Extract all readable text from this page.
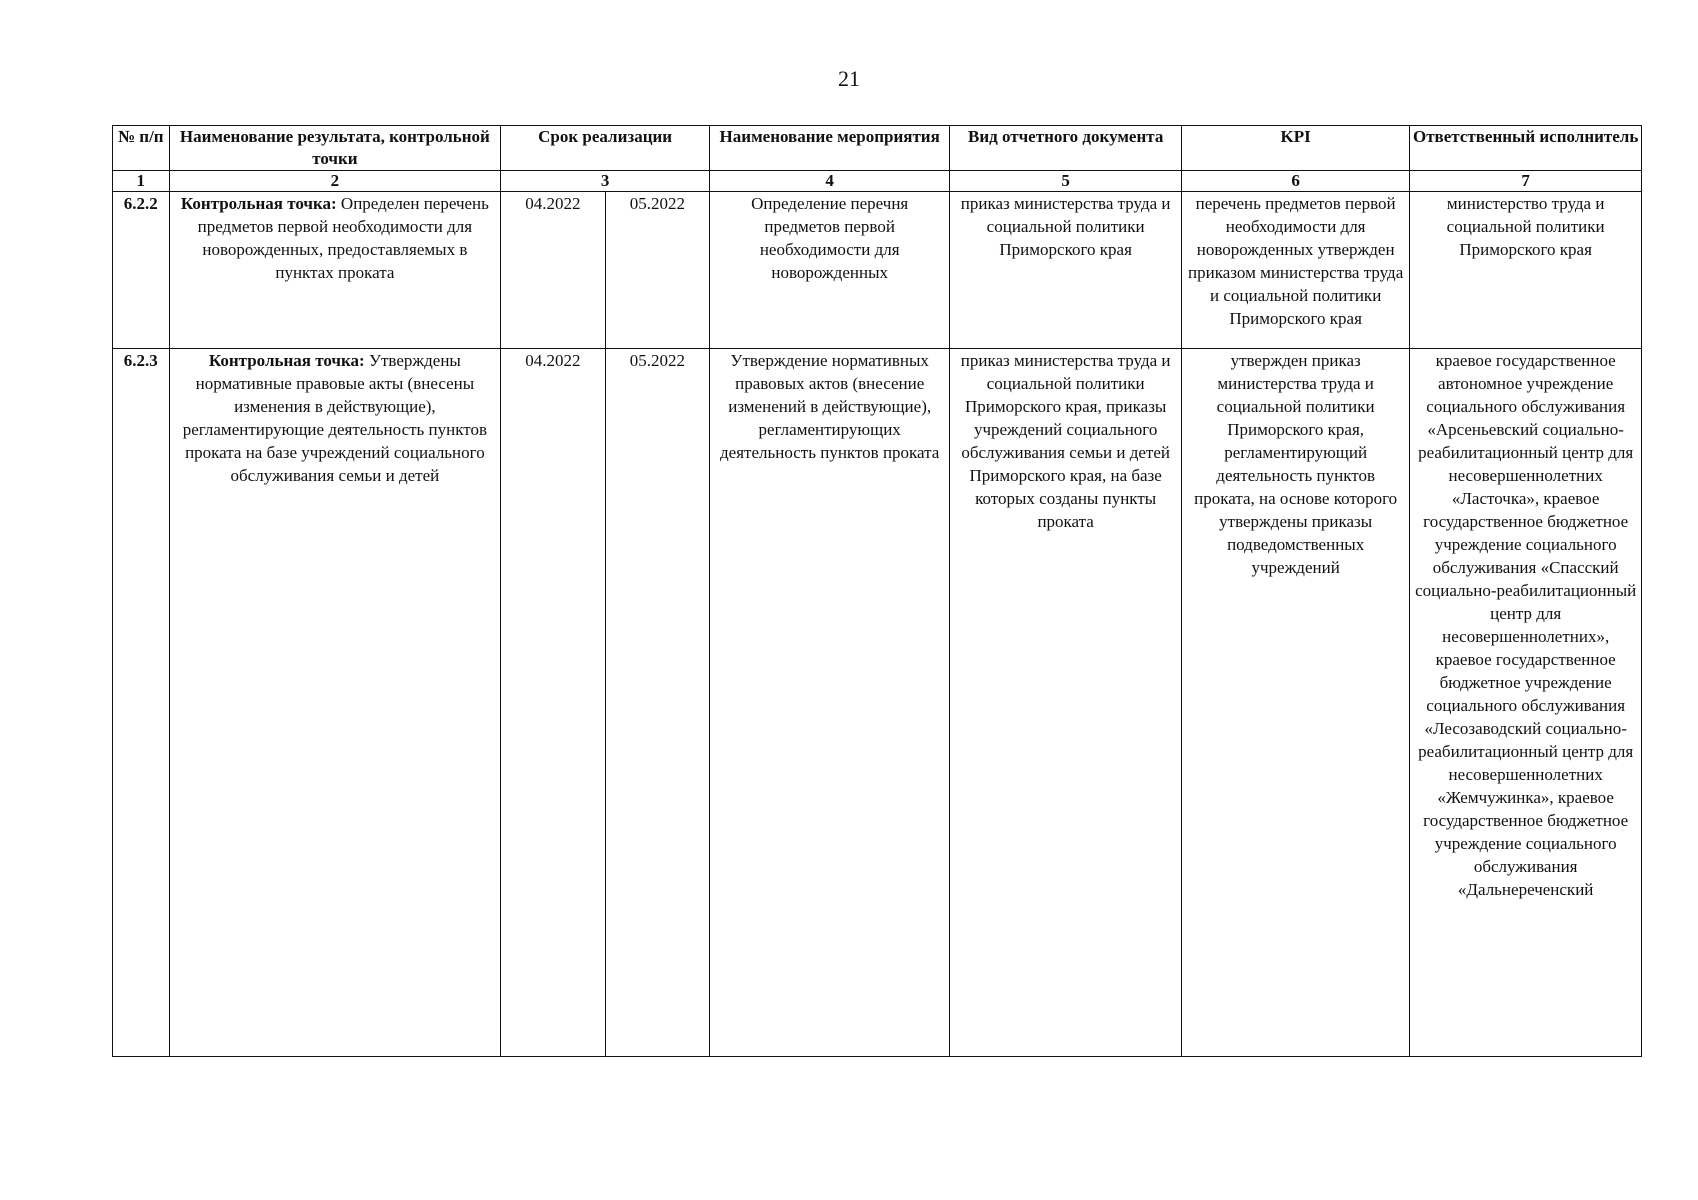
21
№ п/п	Наименование результата, контрольной точки	Срок реализации		Наименование мероприятия	Вид отчетного документа	KPI	Ответственный исполнитель
1	2	3		4	5	6	7
6.2.2	Контрольная точка: Определен перечень предметов первой необходимости для новорожденных, предоставляемых в пунктах проката	04.2022	05.2022	Определение перечня предметов первой необходимости для новорожденных	приказ министерства труда и социальной политики Приморского края	перечень предметов первой необходимости для новорожденных утвержден приказом министерства труда и социальной политики Приморского края	министерство труда и социальной политики Приморского края
6.2.3	Контрольная точка: Утверждены нормативные правовые акты (внесены изменения в действующие), регламентирующие деятельность пунктов проката на базе учреждений социального обслуживания семьи и детей	04.2022	05.2022	Утверждение нормативных правовых актов (внесение изменений в действующие), регламентирующих деятельность пунктов проката	приказ министерства труда и социальной политики Приморского края, приказы учреждений социального обслуживания семьи и детей Приморского края, на базе которых созданы пункты проката	утвержден приказ министерства труда и социальной политики Приморского края, регламентирующий деятельность пунктов проката, на основе которого утверждены приказы подведомственных учреждений	краевое государственное автономное учреждение социального обслуживания «Арсеньевский социально-реабилитационный центр для несовершеннолетних «Ласточка», краевое государственное бюджетное учреждение социального обслуживания «Спасский социально-реабилитационный центр для несовершеннолетних», краевое государственное бюджетное учреждение социального обслуживания «Лесозаводский социально-реабилитационный центр для несовершеннолетних «Жемчужинка», краевое государственное бюджетное учреждение социального обслуживания «Дальнереченский
